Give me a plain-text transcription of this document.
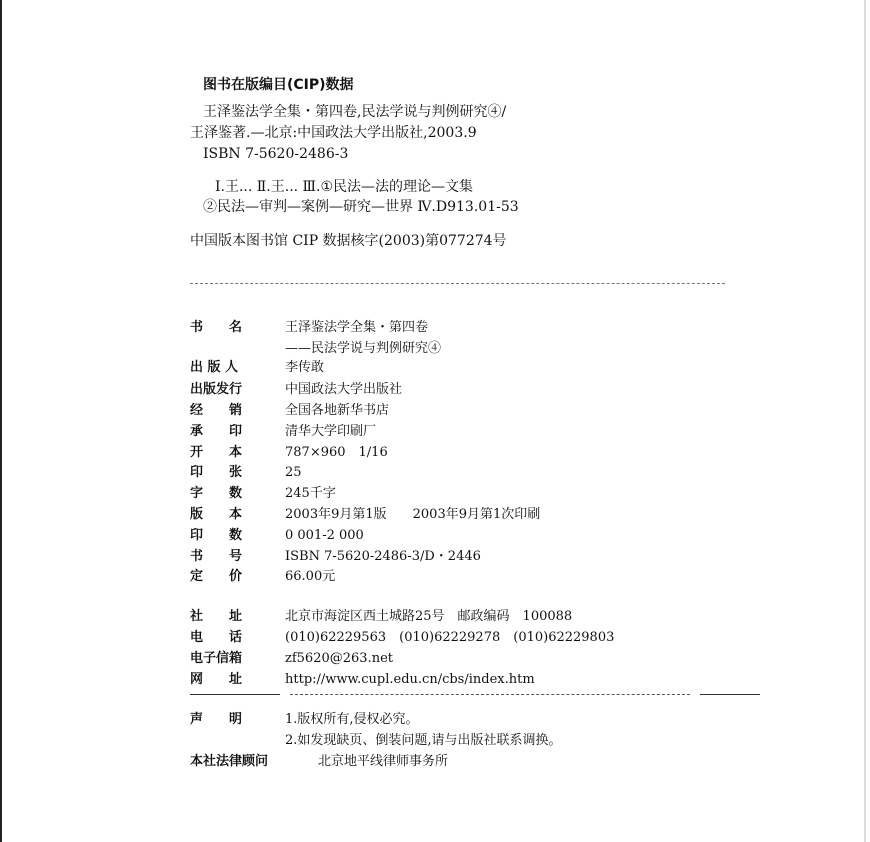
图书在版编目(CIP)数据
王泽鉴法学全集・第四卷,民法学说与判例研究④/
王泽鉴著.—北京:中国政法大学出版社,2003.9
ISBN 7-5620-2486-3
Ⅰ.王... Ⅱ.王... Ⅲ.①民法—法的理论—文集
②民法—审判—案例—研究—世界 Ⅳ.D913.01-53
中国版本图书馆 CIP 数据核字(2003)第077274号
书　　名	王泽鉴法学全集・第四卷
——民法学说与判例研究④
出 版 人	李传敢
出版发行	中国政法大学出版社
经　　销	全国各地新华书店
承　　印	清华大学印刷厂
开　　本	787×960　1/16
印　　张	25
字　　数	245千字
版　　本	2003年9月第1版　　2003年9月第1次印刷
印　　数	0 001-2 000
书　　号	ISBN 7-5620-2486-3/D・2446
定　　价	66.00元
社　　址	北京市海淀区西土城路25号　邮政编码　100088
电　　话	(010)62229563　(010)62229278　(010)62229803
电子信箱	zf5620@263.net
网　　址	http://www.cupl.edu.cn/cbs/index.htm
声　　明	1.版权所有,侵权必究。
2.如发现缺页、倒装问题,请与出版社联系调换。
本社法律顾问	北京地平线律师事务所
